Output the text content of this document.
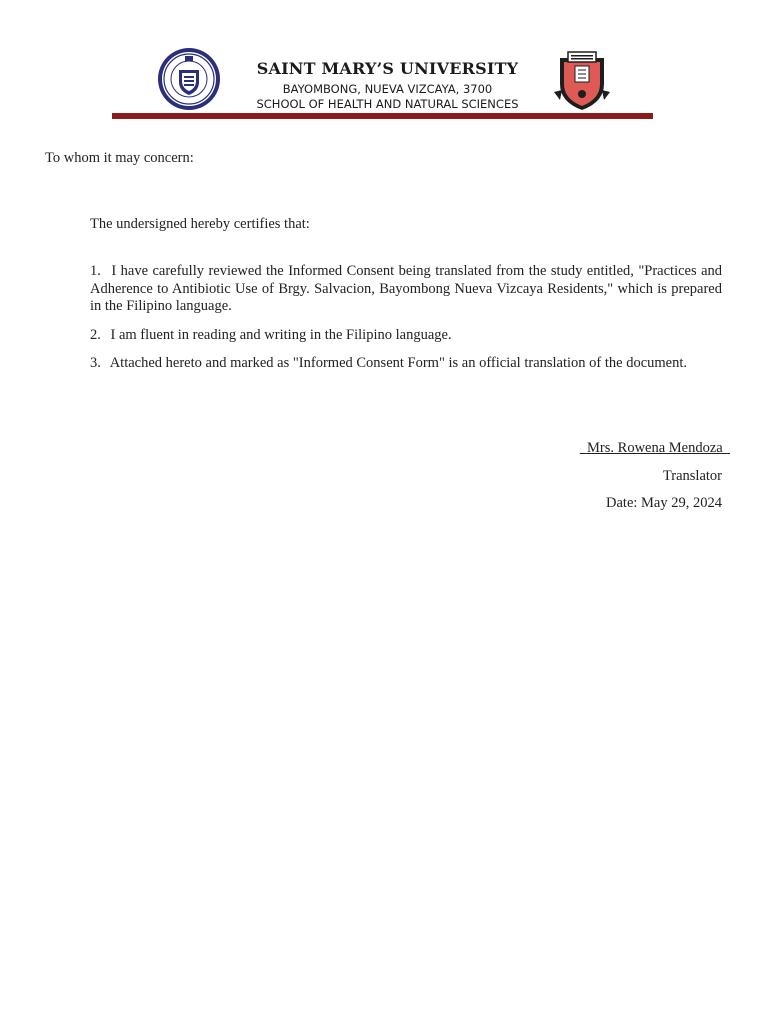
SAINT MARY’S UNIVERSITY
BAYOMBONG, NUEVA VIZCAYA, 3700
SCHOOL OF HEALTH AND NATURAL SCIENCES
To whom it may concern:
The undersigned hereby certifies that:
1. I have carefully reviewed the Informed Consent being translated from the study entitled, "Practices and Adherence to Antibiotic Use of Brgy. Salvacion, Bayombong Nueva Vizcaya Residents," which is prepared in the Filipino language.
2. I am fluent in reading and writing in the Filipino language.
3. Attached hereto and marked as "Informed Consent Form" is an official translation of the document.
Mrs. Rowena Mendoza
Translator
Date: May 29, 2024
